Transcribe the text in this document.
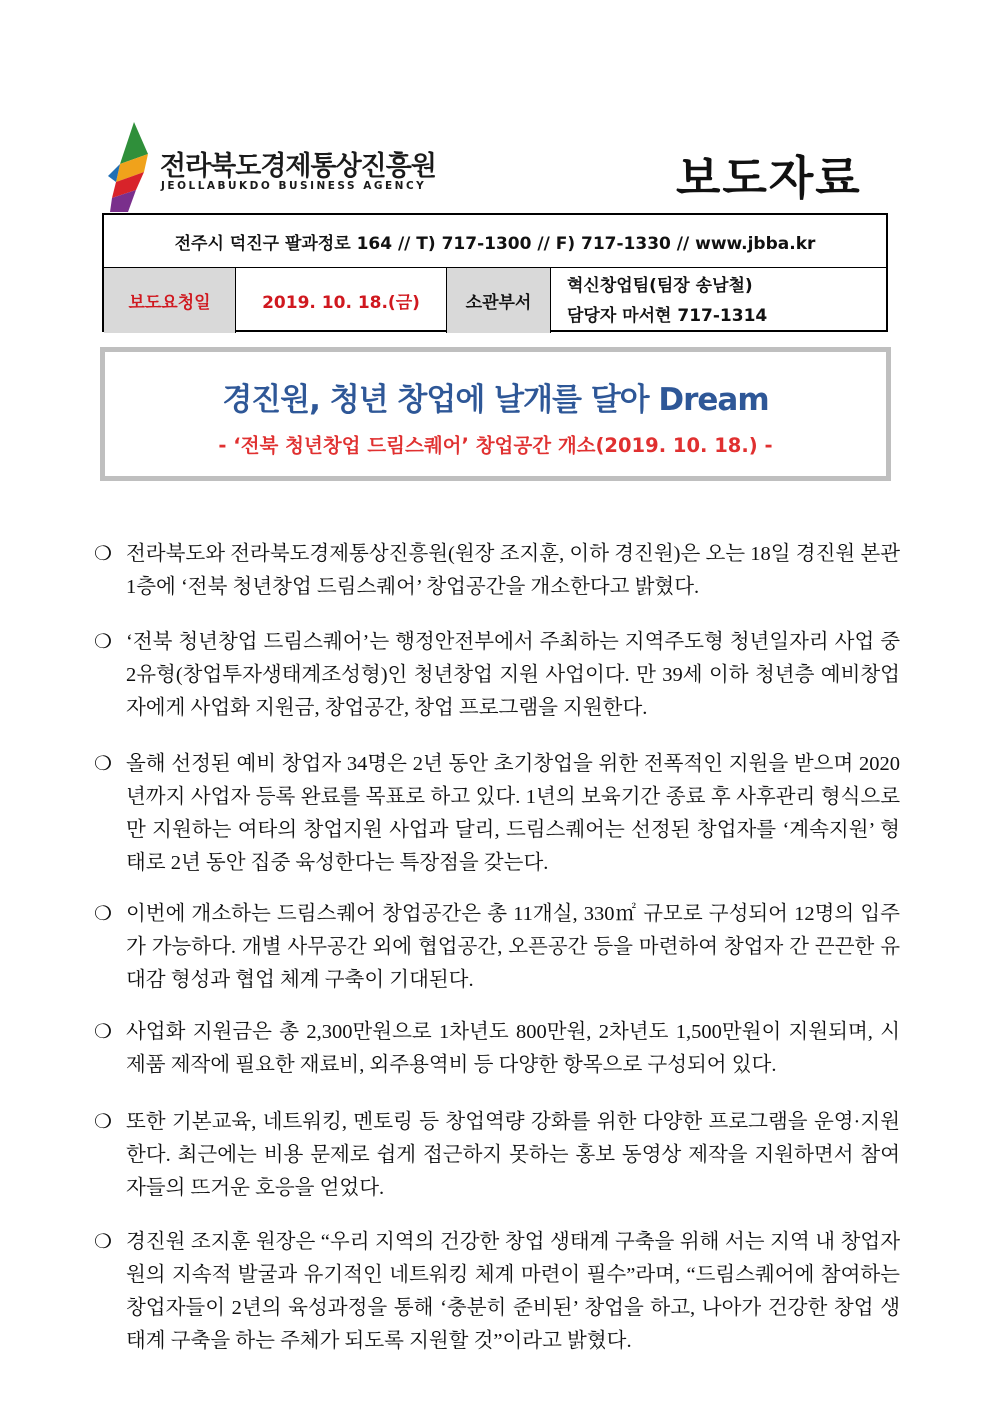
전라북도경제통상진흥원
JEOLLABUKDO BUSINESS AGENCY	보도자료
전주시 덕진구 팔과정로 164 // T) 717-1300 // F) 717-1330 // www.jbba.kr
보도요청일	2019. 10. 18.(금)	소관부서
혁신창업팀(팀장 송남철)
담당자 마서현 717-1314
경진원, 청년 창업에 날개를 달아 Dream
- ‘전북 청년창업 드림스퀘어’ 창업공간 개소(2019. 10. 18.) -
❍ 전라북도와 전라북도경제통상진흥원(원장 조지훈, 이하 경진원)은 오는 18일 경진원 본관 1층에 ‘전북 청년창업 드림스퀘어’ 창업공간을 개소한다고 밝혔다.
❍ ‘전북 청년창업 드림스퀘어’는 행정안전부에서 주최하는 지역주도형 청년일자리 사업 중 2유형(창업투자생태계조성형)인 청년창업 지원 사업이다. 만 39세 이하 청년층 예비창업자에게 사업화 지원금, 창업공간, 창업 프로그램을 지원한다.
❍ 올해 선정된 예비 창업자 34명은 2년 동안 초기창업을 위한 전폭적인 지원을 받으며 2020년까지 사업자 등록 완료를 목표로 하고 있다. 1년의 보육기간 종료 후 사후관리 형식으로만 지원하는 여타의 창업지원 사업과 달리, 드림스퀘어는 선정된 창업자를 ‘계속지원’ 형태로 2년 동안 집중 육성한다는 특장점을 갖는다.
❍ 이번에 개소하는 드림스퀘어 창업공간은 총 11개실, 330㎡ 규모로 구성되어 12명의 입주가 가능하다. 개별 사무공간 외에 협업공간, 오픈공간 등을 마련하여 창업자 간 끈끈한 유대감 형성과 협업 체계 구축이 기대된다.
❍ 사업화 지원금은 총 2,300만원으로 1차년도 800만원, 2차년도 1,500만원이 지원되며, 시제품 제작에 필요한 재료비, 외주용역비 등 다양한 항목으로 구성되어 있다.
❍ 또한 기본교육, 네트워킹, 멘토링 등 창업역량 강화를 위한 다양한 프로그램을 운영·지원한다. 최근에는 비용 문제로 쉽게 접근하지 못하는 홍보 동영상 제작을 지원하면서 참여자들의 뜨거운 호응을 얻었다.
❍ 경진원 조지훈 원장은 “우리 지역의 건강한 창업 생태계 구축을 위해 서는 지역 내 창업자원의 지속적 발굴과 유기적인 네트워킹 체계 마련이 필수”라며, “드림스퀘어에 참여하는 창업자들이 2년의 육성과정을 통해 ‘충분히 준비된’ 창업을 하고, 나아가 건강한 창업 생태계 구축을 하는 주체가 되도록 지원할 것”이라고 밝혔다.
